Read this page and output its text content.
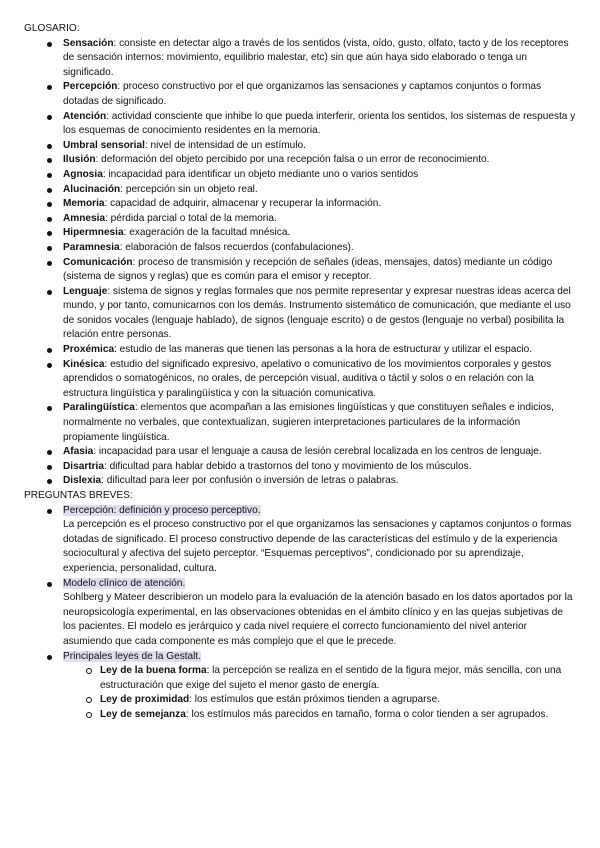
GLOSARIO:
Sensación: consiste en detectar algo a través de los sentidos (vista, oído, gusto, olfato, tacto y de los receptores de sensación internos: movimiento, equilibrio malestar, etc) sin que aún haya sido elaborado o tenga un significado.
Percepción: proceso constructivo por el que organizamos las sensaciones y captamos conjuntos o formas dotadas de significado.
Atención: actividad consciente que inhibe lo que pueda interferir, orienta los sentidos, los sistemas de respuesta y los esquemas de conocimiento residentes en la memoria.
Umbral sensorial: nivel de intensidad de un estímulo.
Ilusión: deformación del objeto percibido por una recepción falsa o un error de reconocimiento.
Agnosia: incapacidad para identificar un objeto mediante uno o varios sentidos
Alucinación: percepción sin un objeto real.
Memoria: capacidad de adquirir, almacenar y recuperar la información.
Amnesia: pérdida parcial o total de la memoria.
Hipermnesia: exageración de la facultad mnésica.
Paramnesia: elaboración de falsos recuerdos (confabulaciones).
Comunicación: proceso de transmisión y recepción de señales (ideas, mensajes, datos) mediante un código (sistema de signos y reglas) que es común para el emisor y receptor.
Lenguaje: sistema de signos y reglas formales que nos permite representar y expresar nuestras ideas acerca del mundo, y por tanto, comunicarnos con los demás. Instrumento sistemático de comunicación, que mediante el uso de sonidos vocales (lenguaje hablado), de signos (lenguaje escrito) o de gestos (lenguaje no verbal) posibilita la relación entre personas.
Proxémica: estudio de las maneras que tienen las personas a la hora de estructurar y utilizar el espacio.
Kinésica: estudio del significado expresivo, apelativo o comunicativo de los movimientos corporales y gestos aprendidos o somatogénicos, no orales, de percepción visual, auditiva o táctil y solos o en relación con la estructura lingüística y paralingüística y con la situación comunicativa.
Paralingüística: elementos que acompañan a las emisiones lingüísticas y que constituyen señales e indicios, normalmente no verbales, que contextualizan, sugieren interpretaciones particulares de la información propiamente lingüística.
Afasia: incapacidad para usar el lenguaje a causa de lesión cerebral localizada en los centros de lenguaje.
Disartria: dificultad para hablar debido a trastornos del tono y movimiento de los músculos.
Dislexia: dificultad para leer por confusión o inversión de letras o palabras.
PREGUNTAS BREVES:
Percepción: definición y proceso perceptivo.
La percepción es el proceso constructivo por el que organizamos las sensaciones y captamos conjuntos o formas dotadas de significado. El proceso constructivo depende de las características del estímulo y de la experiencia sociocultural y afectiva del sujeto perceptor. “Esquemas perceptivos”, condicionado por su aprendizaje, experiencia, personalidad, cultura.
Modelo clínico de atención.
Sohlberg y Mateer describieron un modelo para la evaluación de la atención basado en los datos aportados por la neuropsicología experimental, en las observaciones obtenidas en el ámbito clínico y en las quejas subjetivas de los pacientes. El modelo es jerárquico y cada nivel requiere el correcto funcionamiento del nivel anterior asumiendo que cada componente es más complejo que el que le precede.
Principales leyes de la Gestalt.
Ley de la buena forma: la percepción se realiza en el sentido de la figura mejor, más sencilla, con una estructuración que exige del sujeto el menor gasto de energía.
Ley de proximidad: los estímulos que están próximos tienden a agruparse.
Ley de semejanza: los estímulos más parecidos en tamaño, forma o color tienden a ser agrupados.
